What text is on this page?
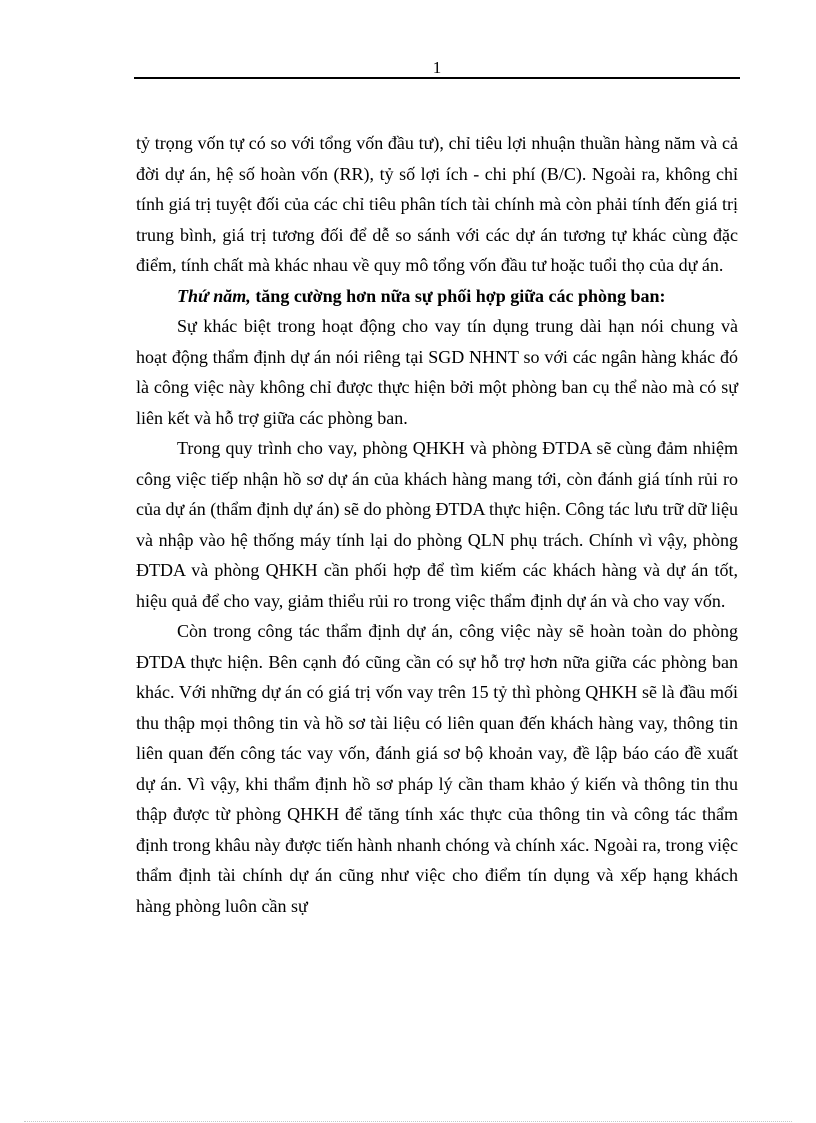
1

tỷ trọng vốn tự có so với tổng vốn đầu tư), chỉ tiêu lợi nhuận thuần hàng năm và cả đời dự án, hệ số hoàn vốn (RR), tỷ số lợi ích - chi phí (B/C). Ngoài ra, không chỉ tính giá trị tuyệt đối của các chỉ tiêu phân tích tài chính mà còn phải tính đến giá trị trung bình, giá trị tương đối để dễ so sánh với các dự án tương tự khác cùng đặc điểm, tính chất mà khác nhau về quy mô tổng vốn đầu tư hoặc tuổi thọ của dự án.

Thứ năm, tăng cường hơn nữa sự phối hợp giữa các phòng ban:

Sự khác biệt trong hoạt động cho vay tín dụng trung dài hạn nói chung và hoạt động thẩm định dự án nói riêng tại SGD NHNT so với các ngân hàng khác đó là công việc này không chỉ được thực hiện bởi một phòng ban cụ thể nào mà có sự liên kết và hỗ trợ giữa các phòng ban.

Trong quy trình cho vay, phòng QHKH và phòng ĐTDA sẽ cùng đảm nhiệm công việc tiếp nhận hồ sơ dự án của khách hàng mang tới, còn đánh giá tính rủi ro của dự án (thẩm định dự án) sẽ do phòng ĐTDA thực hiện. Công tác lưu trữ dữ liệu và nhập vào hệ thống máy tính lại do phòng QLN phụ trách. Chính vì vậy, phòng ĐTDA và phòng QHKH cần phối hợp để tìm kiếm các khách hàng và dự án tốt, hiệu quả để cho vay, giảm thiểu rủi ro trong việc thẩm định dự án và cho vay vốn.

Còn trong công tác thẩm định dự án, công việc này sẽ hoàn toàn do phòng ĐTDA thực hiện. Bên cạnh đó cũng cần có sự hỗ trợ hơn nữa giữa các phòng ban khác. Với những dự án có giá trị vốn vay trên 15 tỷ thì phòng QHKH sẽ là đầu mối thu thập mọi thông tin và hồ sơ tài liệu có liên quan đến khách hàng vay, thông tin liên quan đến công tác vay vốn, đánh giá sơ bộ khoản vay, đề lập báo cáo đề xuất dự án. Vì vậy, khi thẩm định hồ sơ pháp lý cần tham khảo ý kiến và thông tin thu thập được từ phòng QHKH để tăng tính xác thực của thông tin và công tác thẩm định trong khâu này được tiến hành nhanh chóng và chính xác. Ngoài ra, trong việc thẩm định tài chính dự án cũng như việc cho điểm tín dụng và xếp hạng khách hàng phòng luôn cần sự
